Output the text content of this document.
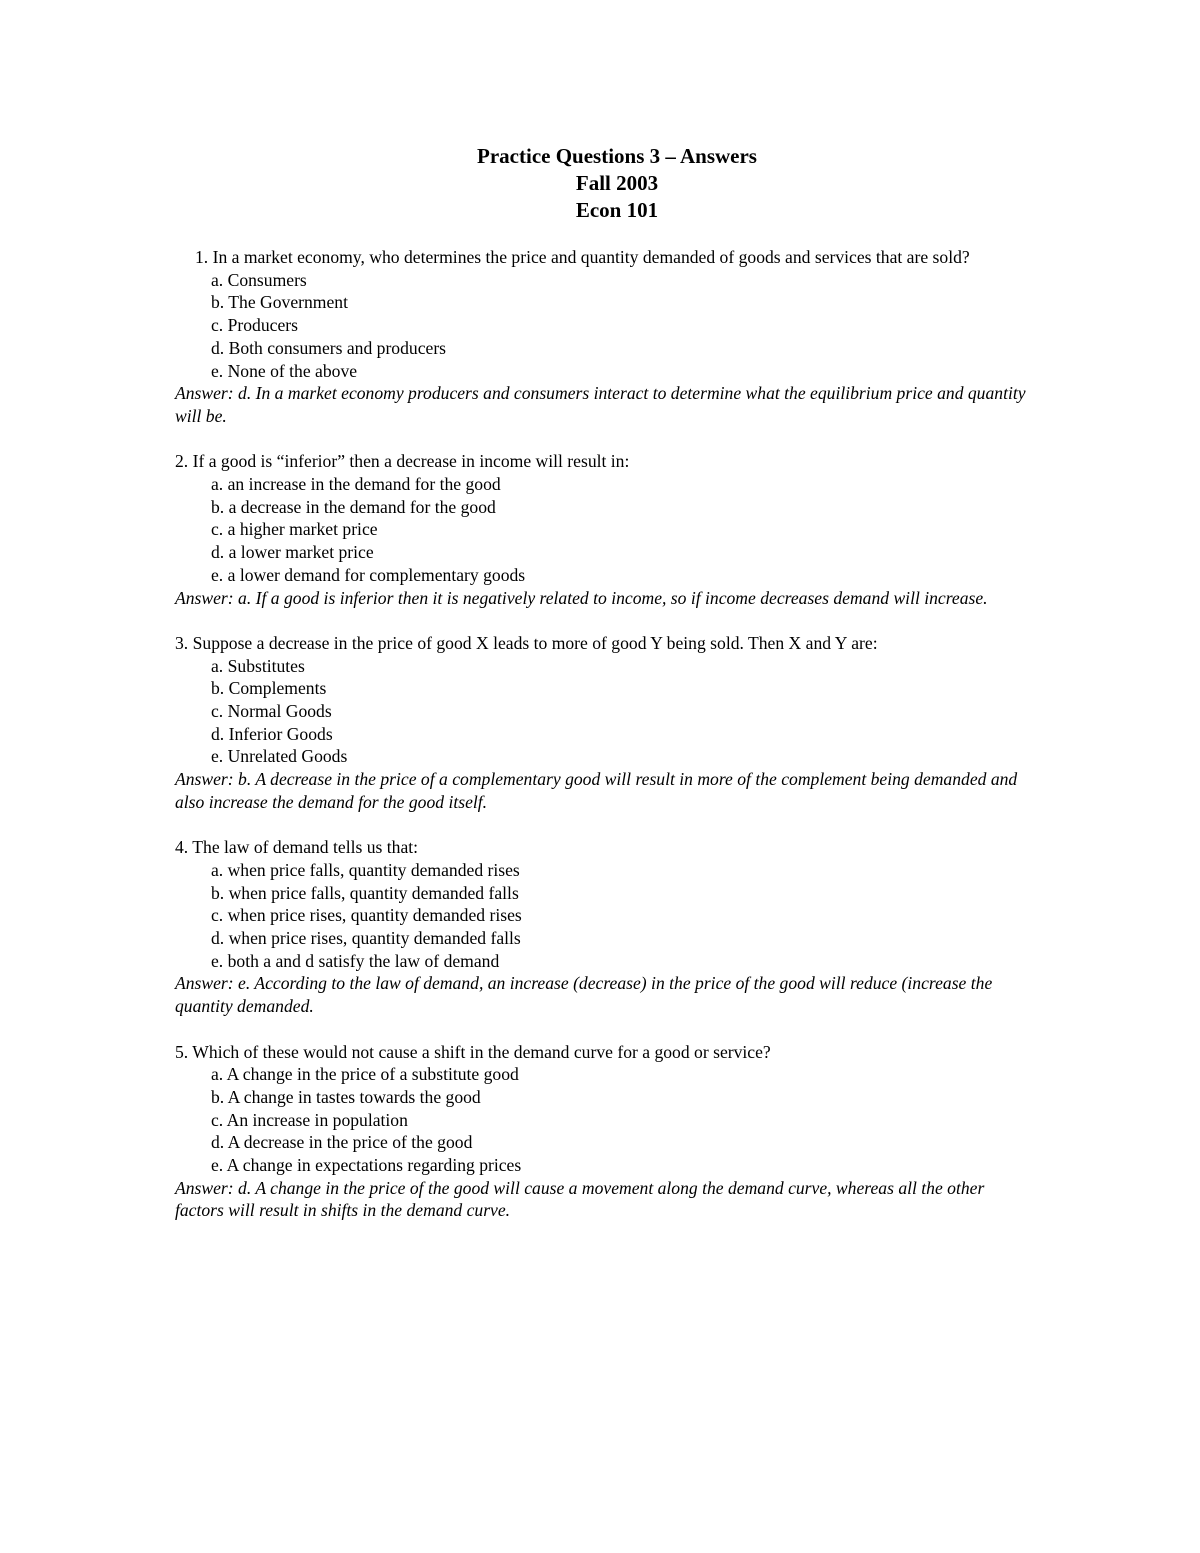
Practice Questions 3 – Answers
Fall 2003
Econ 101
1. In a market economy, who determines the price and quantity demanded of goods and services that are sold?
a. Consumers
b. The Government
c. Producers
d. Both consumers and producers
e. None of the above
Answer: d. In a market economy producers and consumers interact to determine what the equilibrium price and quantity will be.
2. If a good is “inferior” then a decrease in income will result in:
a. an increase in the demand for the good
b. a decrease in the demand for the good
c. a higher market price
d. a lower market price
e. a lower demand for complementary goods
Answer: a. If a good is inferior then it is negatively related to income, so if income decreases demand will increase.
3. Suppose a decrease in the price of good X leads to more of good Y being sold. Then X and Y are:
a. Substitutes
b. Complements
c. Normal Goods
d. Inferior Goods
e. Unrelated Goods
Answer: b. A decrease in the price of a complementary good will result in more of the complement being demanded and also increase the demand for the good itself.
4. The law of demand tells us that:
a. when price falls, quantity demanded rises
b. when price falls, quantity demanded falls
c. when price rises, quantity demanded rises
d. when price rises, quantity demanded falls
e. both a and d satisfy the law of demand
Answer: e. According to the law of demand, an increase (decrease) in the price of the good will reduce (increase the quantity demanded.
5. Which of these would not cause a shift in the demand curve for a good or service?
a. A change in the price of a substitute good
b. A change in tastes towards the good
c. An increase in population
d. A decrease in the price of the good
e. A change in expectations regarding prices
Answer: d. A change in the price of the good will cause a movement along the demand curve, whereas all the other factors will result in shifts in the demand curve.
